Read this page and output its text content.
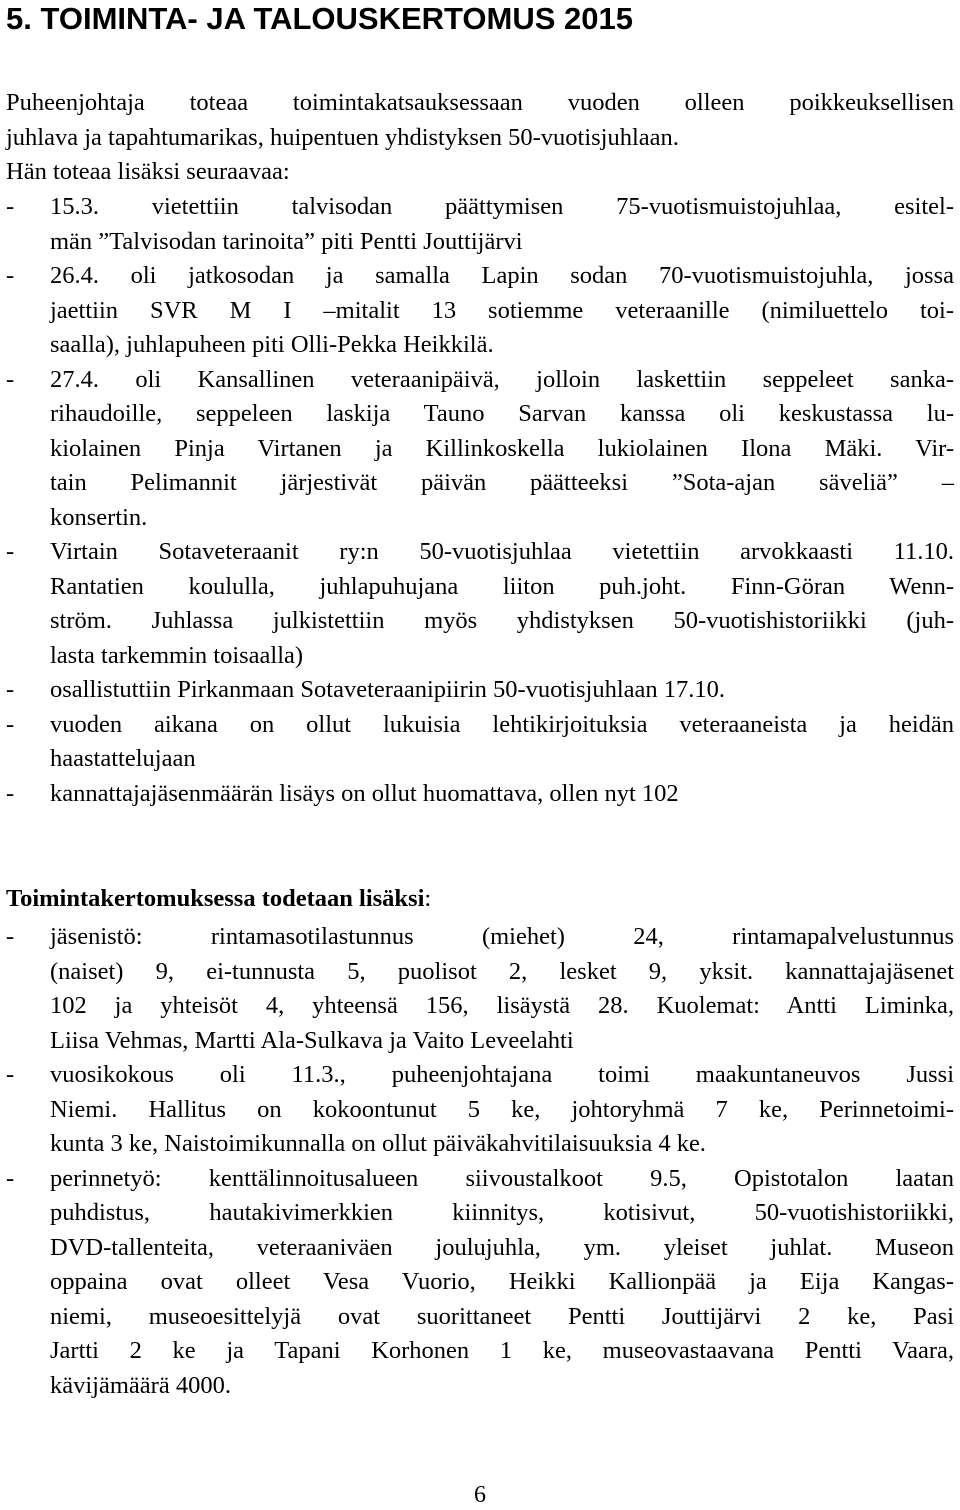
5. TOIMINTA- JA TALOUSKERTOMUS 2015
Puheenjohtaja toteaa toimintakatsauksessaan vuoden olleen poikkeuksellisen
juhlava ja tapahtumarikas, huipentuen yhdistyksen 50-vuotisjuhlaan.
Hän toteaa lisäksi seuraavaa:
- 15.3. vietettiin talvisodan päättymisen 75-vuotismuistojuhlaa, esitel-
män ”Talvisodan tarinoita” piti Pentti Jouttijärvi
- 26.4. oli jatkosodan ja samalla Lapin sodan 70-vuotismuistojuhla, jossa
jaettiin SVR M I –mitalit 13 sotiemme veteraanille (nimiluettelo toi-
saalla), juhlapuheen piti Olli-Pekka Heikkilä.
- 27.4. oli Kansallinen veteraanipäivä, jolloin laskettiin seppeleet sanka-
rihaudoille, seppeleen laskija Tauno Sarvan kanssa oli keskustassa lu-
kiolainen Pinja Virtanen ja Killinkoskella lukiolainen Ilona Mäki. Vir-
tain Pelimannit järjestivät päivän päätteeksi ”Sota-ajan säveliä” –
konsertin.
- Virtain Sotaveteraanit ry:n 50-vuotisjuhlaa vietettiin arvokkaasti 11.10.
Rantatien koululla, juhlapuhujana liiton puh.joht. Finn-Göran Wenn-
ström. Juhlassa julkistettiin myös yhdistyksen 50-vuotishistoriikki (juh-
lasta tarkemmin toisaalla)
- osallistuttiin Pirkanmaan Sotaveteraanipiirin 50-vuotisjuhlaan 17.10.
- vuoden aikana on ollut lukuisia lehtikirjoituksia veteraaneista ja heidän
haastattelujaan
- kannattajajäsenmäärän lisäys on ollut huomattava, ollen nyt 102

Toimintakertomuksessa todetaan lisäksi:

- jäsenistö: rintamasotilastunnus (miehet) 24, rintamapalvelustunnus
(naiset) 9, ei-tunnusta 5, puolisot 2, lesket 9, yksit. kannattajajäsenet
102 ja yhteisöt 4, yhteensä 156, lisäystä 28. Kuolemat: Antti Liminka,
Liisa Vehmas, Martti Ala-Sulkava ja Vaito Leveelahti
- vuosikokous oli 11.3., puheenjohtajana toimi maakuntaneuvos Jussi
Niemi. Hallitus on kokoontunut 5 ke, johtoryhmä 7 ke, Perinnetoimi-
kunta 3 ke, Naistoimikunnalla on ollut päiväkahvitilaisuuksia 4 ke.
- perinnetyö: kenttälinnoitusalueen siivoustalkoot 9.5, Opistotalon laatan
puhdistus, hautakivimerkkien kiinnitys, kotisivut, 50-vuotishistoriikki,
DVD-tallenteita, veteraaniväen joulujuhla, ym. yleiset juhlat. Museon
oppaina ovat olleet Vesa Vuorio, Heikki Kallionpää ja Eija Kangas-
niemi, museoesittelyjä ovat suorittaneet Pentti Jouttijärvi 2 ke, Pasi
Jartti 2 ke ja Tapani Korhonen 1 ke, museovastaavana Pentti Vaara,
kävijämäärä 4000.
6
